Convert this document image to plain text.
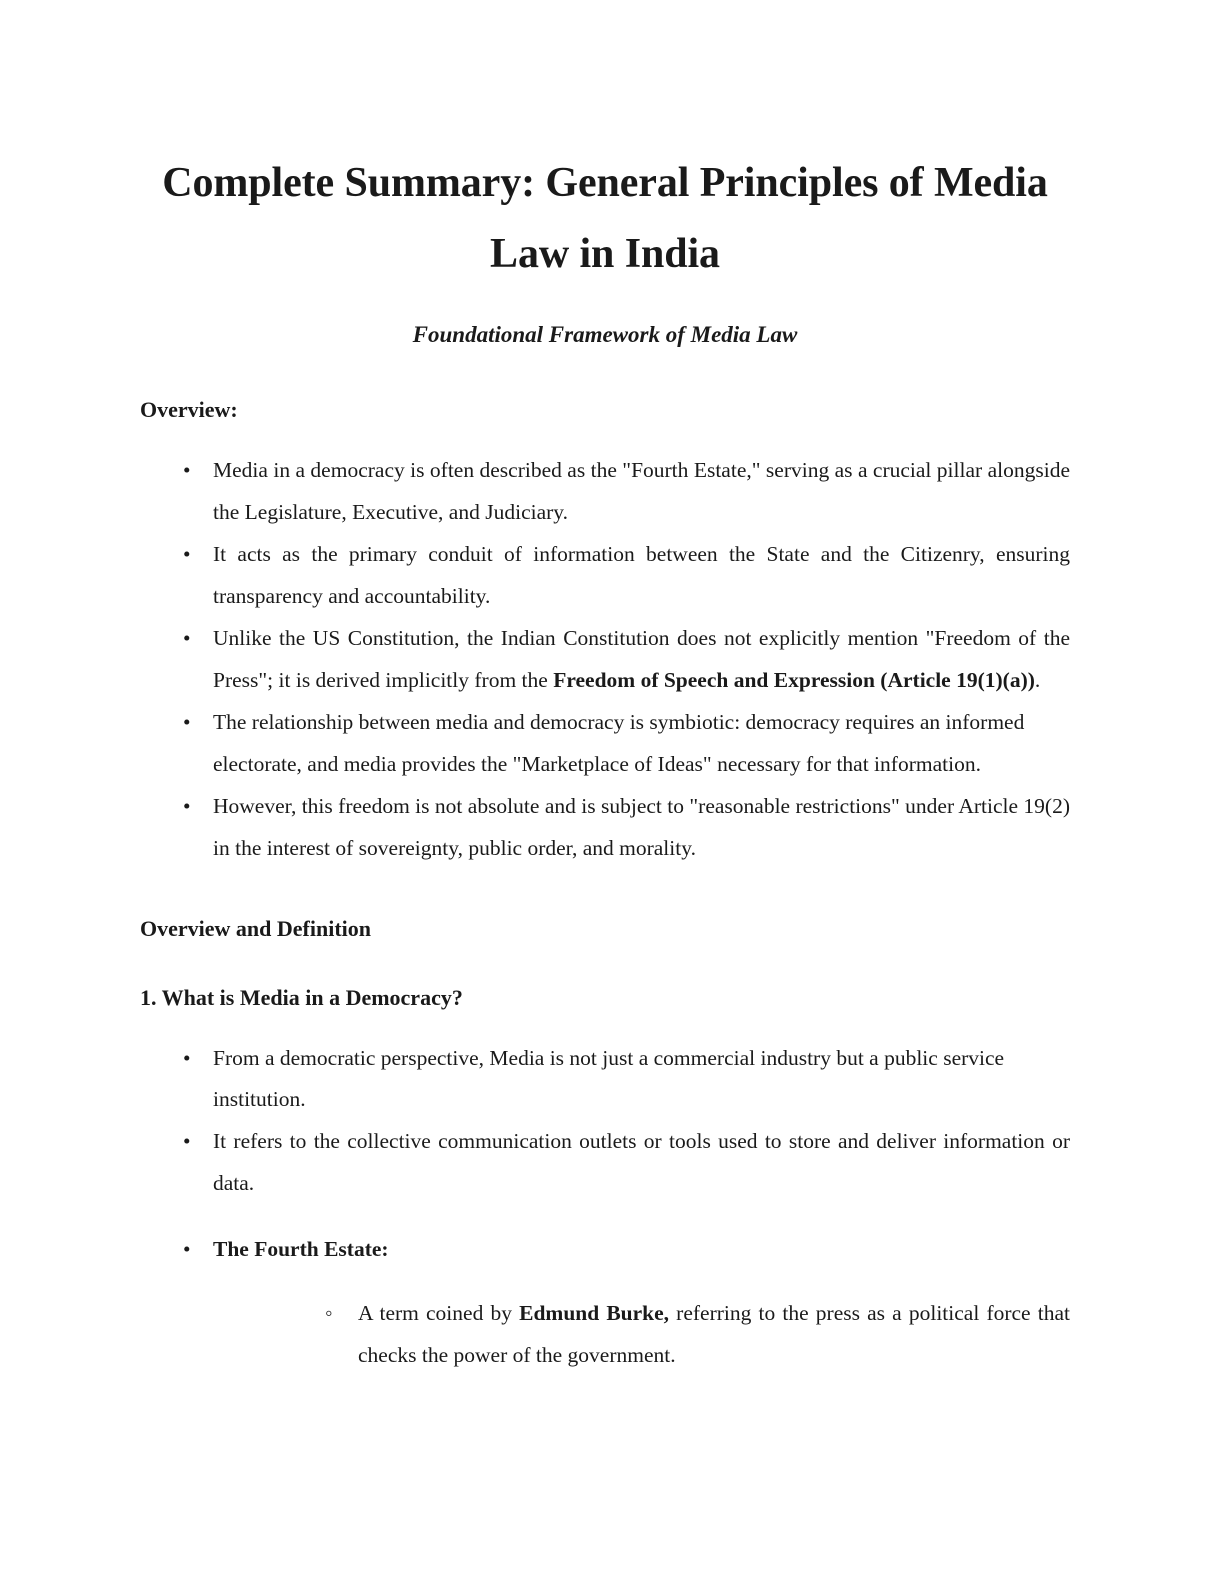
Complete Summary: General Principles of Media Law in India
Foundational Framework of Media Law
Overview:
• Media in a democracy is often described as the "Fourth Estate," serving as a crucial pillar alongside the Legislature, Executive, and Judiciary.
• It acts as the primary conduit of information between the State and the Citizenry, ensuring transparency and accountability.
• Unlike the US Constitution, the Indian Constitution does not explicitly mention "Freedom of the Press"; it is derived implicitly from the Freedom of Speech and Expression (Article 19(1)(a)).
• The relationship between media and democracy is symbiotic: democracy requires an informed electorate, and media provides the "Marketplace of Ideas" necessary for that information.
• However, this freedom is not absolute and is subject to "reasonable restrictions" under Article 19(2) in the interest of sovereignty, public order, and morality.
Overview and Definition
1. What is Media in a Democracy?
• From a democratic perspective, Media is not just a commercial industry but a public service institution.
• It refers to the collective communication outlets or tools used to store and deliver information or data.
• The Fourth Estate:
◦ A term coined by Edmund Burke, referring to the press as a political force that checks the power of the government.
